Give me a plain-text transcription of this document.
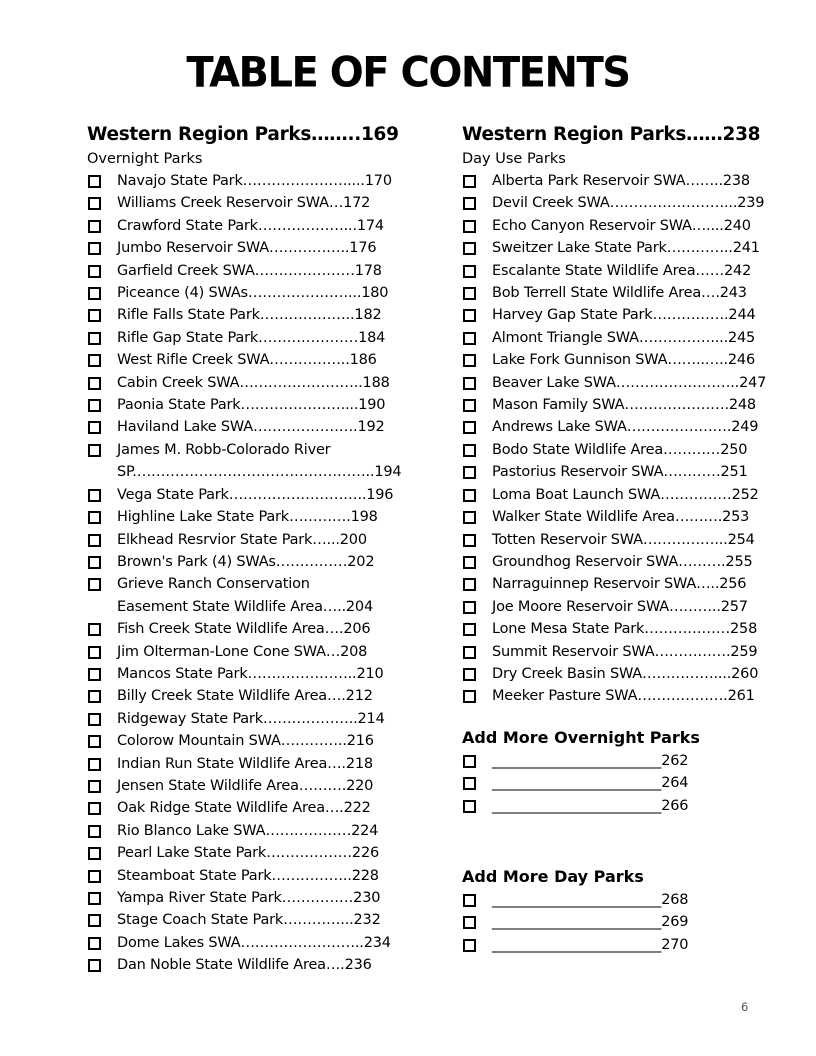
TABLE OF CONTENTS
Western Region Parks……..169
Overnight Parks
Navajo State Park………………….....170
Williams Creek Reservoir SWA…172
Crawford State Park………………...174
Jumbo Reservoir SWA……………..176
Garfield Creek SWA…………………178
Piceance (4) SWAs…………………...180
Rifle Falls State Park………………..182
Rifle Gap State Park…………………184
West Rifle Creek SWA……………..186
Cabin Creek SWA……………………..188
Paonia State Park…………………....190
Haviland Lake SWA………………….192
James M. Robb-Colorado River
SP.…………………………………………..194
Vega State Park………………………..196
Highline Lake State Park………….198
Elkhead Resrvior State Park…...200
Brown's Park (4) SWAs……………202
Grieve Ranch Conservation
Easement State Wildlife Area…..204
Fish Creek State Wildlife Area….206
Jim Olterman-Lone Cone SWA…208
Mancos State Park…………………..210
Billy Creek State Wildlife Area….212
Ridgeway State Park………………..214
Colorow Mountain SWA…………..216
Indian Run State Wildlife Area….218
Jensen State Wildlife Area……….220
Oak Ridge State Wildlife Area….222
Rio Blanco Lake SWA………………224
Pearl Lake State Park………………226
Steamboat State Park……………..228
Yampa River State Park……………230
Stage Coach State Park…………...232
Dome Lakes SWA……………………..234
Dan Noble State Wildlife Area….236
Western Region Parks……238
Day Use Parks
Alberta Park Reservoir SWA……..238
Devil Creek SWA……………………...239
Echo Canyon Reservoir SWA…....240
Sweitzer Lake State Park…………..241
Escalante State Wildlife Area……242
Bob Terrell State Wildlife Area….243
Harvey Gap State Park…………….244
Almont Triangle SWA……………....245
Lake Fork Gunnison SWA……..…..246
Beaver Lake SWA……………………..247
Mason Family SWA………………….248
Andrews Lake SWA………………….249
Bodo State Wildlife Area…………250
Pastorius Reservoir SWA…………251
Loma Boat Launch SWA……………252
Walker State Wildlife Area……….253
Totten Reservoir SWA……………...254
Groundhog Reservoir SWA……….255
Narraguinnep Reservoir SWA…..256
Joe Moore Reservoir SWA………..257
Lone Mesa State Park………………258
Summit Reservoir SWA…………….259
Dry Creek Basin SWA……………....260
Meeker Pasture SWA……………….261
Add More Overnight Parks
________________________262
________________________264
________________________266
Add More Day Parks
________________________268
________________________269
________________________270
6
